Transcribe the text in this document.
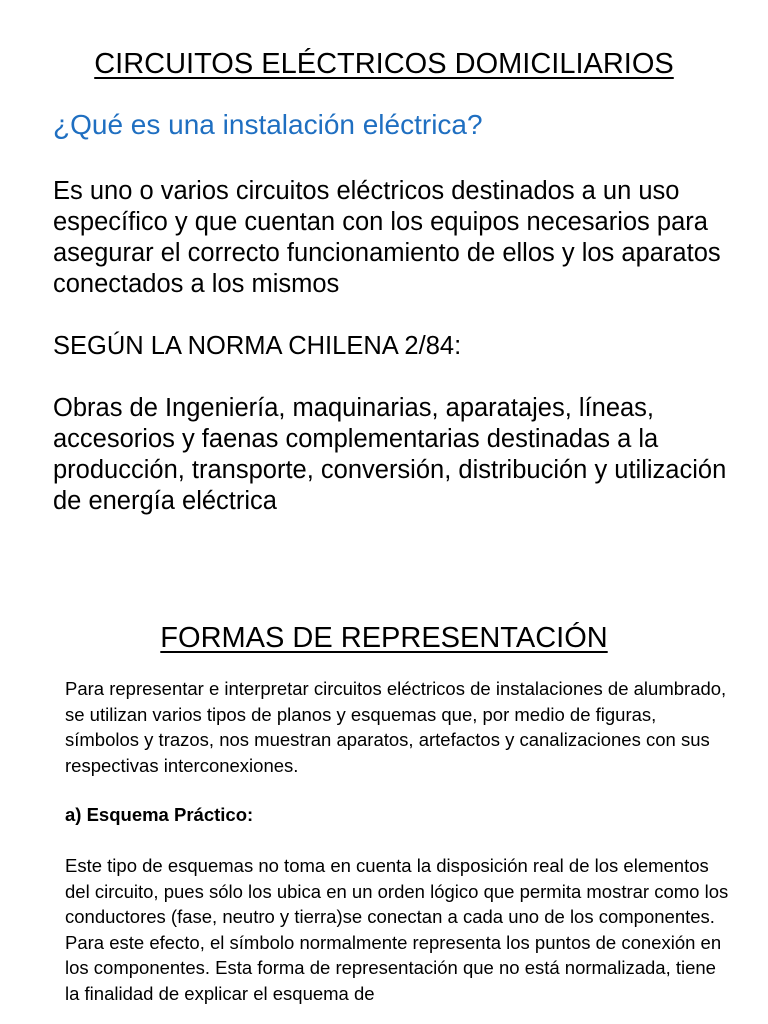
CIRCUITOS ELÉCTRICOS DOMICILIARIOS
¿Qué es una instalación eléctrica?

Es uno o varios circuitos eléctricos destinados a un uso específico y que cuentan con los equipos necesarios para asegurar el correcto funcionamiento de ellos y los aparatos conectados a los mismos

SEGÚN LA NORMA CHILENA 2/84:

Obras de Ingeniería, maquinarias, aparatajes, líneas, accesorios y faenas complementarias destinadas a la producción, transporte, conversión, distribución y utilización de energía eléctrica

FORMAS DE REPRESENTACIÓN

Para representar e interpretar circuitos eléctricos de instalaciones de alumbrado, se utilizan varios tipos de planos y esquemas que, por medio de figuras, símbolos y trazos, nos muestran aparatos, artefactos y canalizaciones con sus respectivas interconexiones.

a) Esquema Práctico:

Este tipo de esquemas no toma en cuenta la disposición real de los elementos del circuito, pues sólo los ubica en un orden lógico que permita mostrar como los conductores (fase, neutro y tierra)se conectan a cada uno de los componentes. Para este efecto, el símbolo normalmente representa los puntos de conexión en los componentes. Esta forma de representación que no está normalizada, tiene la finalidad de explicar el esquema de
